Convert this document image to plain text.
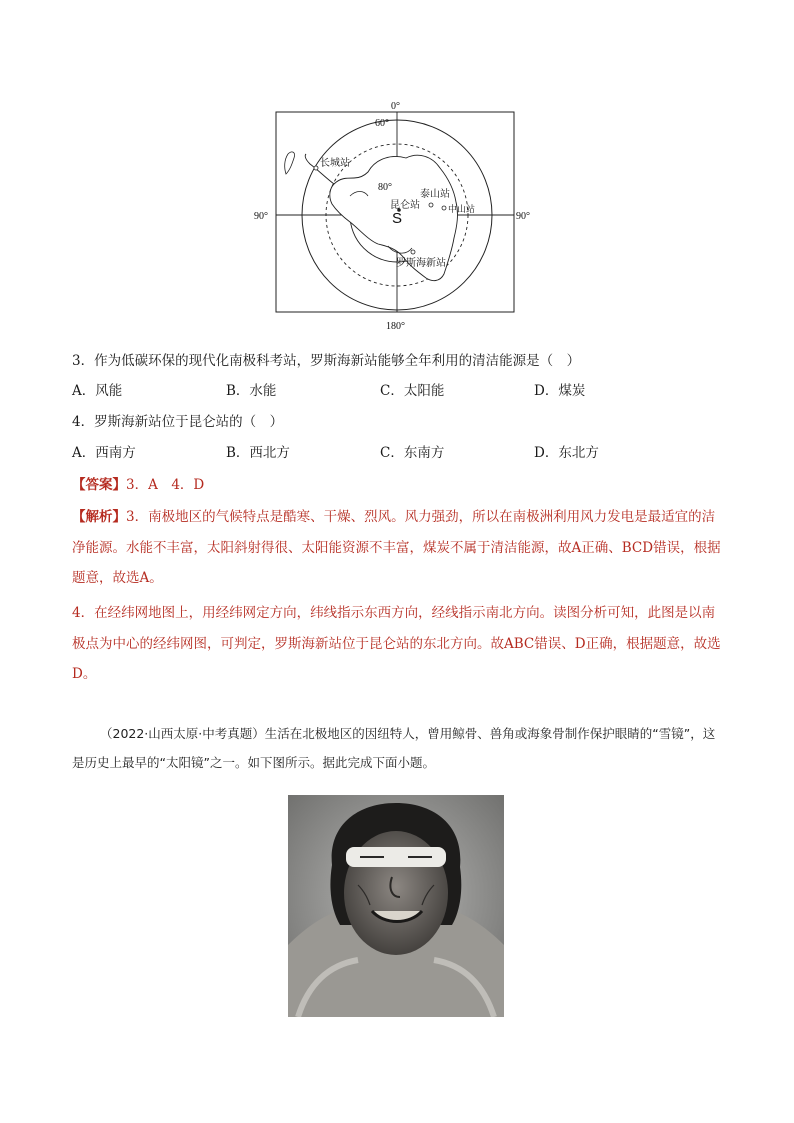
0°
180°
90°	90°
60°
80°
S
长城站
泰山站
中山站
昆仑站
罗斯海新站
3．作为低碳环保的现代化南极科考站，罗斯海新站能够全年利用的清洁能源是（　）
A．风能	B．水能	C．太阳能	D．煤炭
4．罗斯海新站位于昆仑站的（　）
A．西南方	B．西北方	C．东南方	D．东北方
【答案】3．A　4．D
【解析】3．南极地区的气候特点是酷寒、干燥、烈风。风力强劲，所以在南极洲利用风力发电是最适宜的洁净能源。水能不丰富，太阳斜射得很、太阳能资源不丰富，煤炭不属于清洁能源，故A正确、BCD错误，根据题意，故选A。
4．在经纬网地图上，用经纬网定方向，纬线指示东西方向，经线指示南北方向。读图分析可知，此图是以南极点为中心的经纬网图，可判定，罗斯海新站位于昆仑站的东北方向。故ABC错误、D正确，根据题意，故选D。
（2022·山西太原·中考真题）生活在北极地区的因纽特人，曾用鲸骨、兽角或海象骨制作保护眼睛的“雪镜”，这是历史上最早的“太阳镜”之一。如下图所示。据此完成下面小题。
